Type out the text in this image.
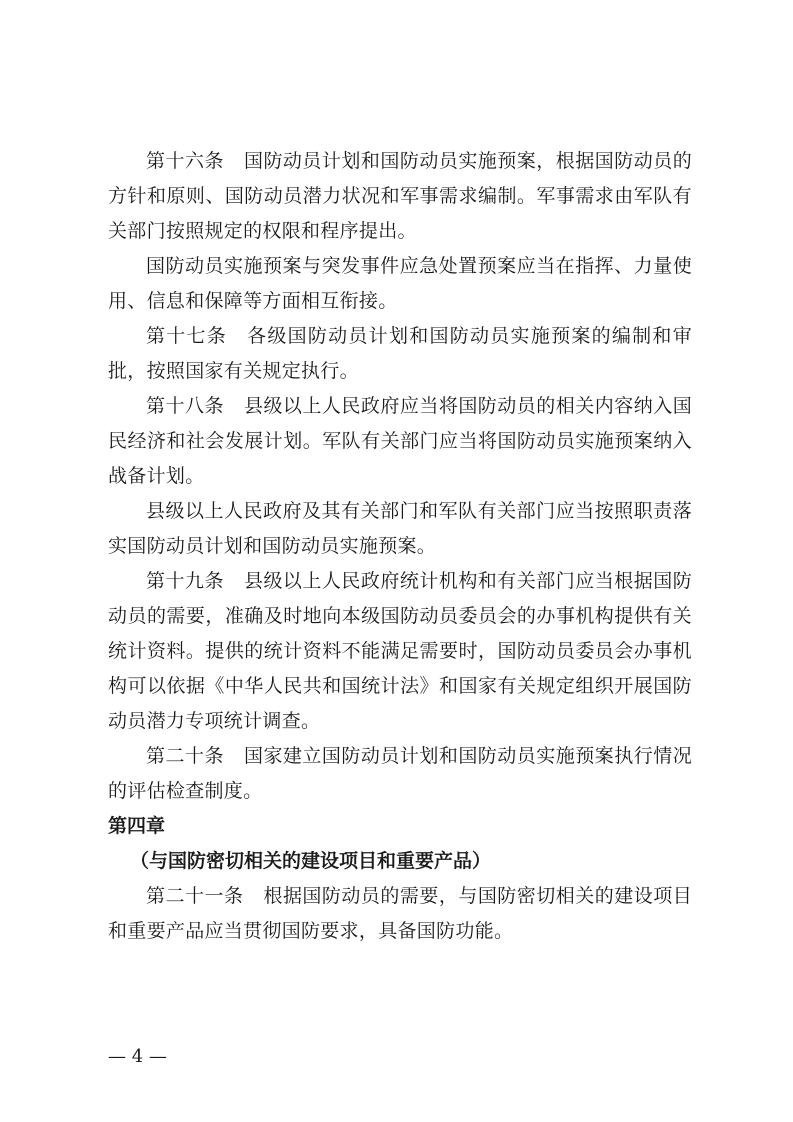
第十六条 国防动员计划和国防动员实施预案，根据国防动员的方针和原则、国防动员潜力状况和军事需求编制。军事需求由军队有关部门按照规定的权限和程序提出。

国防动员实施预案与突发事件应急处置预案应当在指挥、力量使用、信息和保障等方面相互衔接。

第十七条 各级国防动员计划和国防动员实施预案的编制和审批，按照国家有关规定执行。

第十八条 县级以上人民政府应当将国防动员的相关内容纳入国民经济和社会发展计划。军队有关部门应当将国防动员实施预案纳入战备计划。

县级以上人民政府及其有关部门和军队有关部门应当按照职责落实国防动员计划和国防动员实施预案。

第十九条 县级以上人民政府统计机构和有关部门应当根据国防动员的需要，准确及时地向本级国防动员委员会的办事机构提供有关统计资料。提供的统计资料不能满足需要时，国防动员委员会办事机构可以依据《中华人民共和国统计法》和国家有关规定组织开展国防动员潜力专项统计调查。

第二十条 国家建立国防动员计划和国防动员实施预案执行情况的评估检查制度。

第四章

（与国防密切相关的建设项目和重要产品）

第二十一条 根据国防动员的需要，与国防密切相关的建设项目和重要产品应当贯彻国防要求，具备国防功能。

— 4 —
